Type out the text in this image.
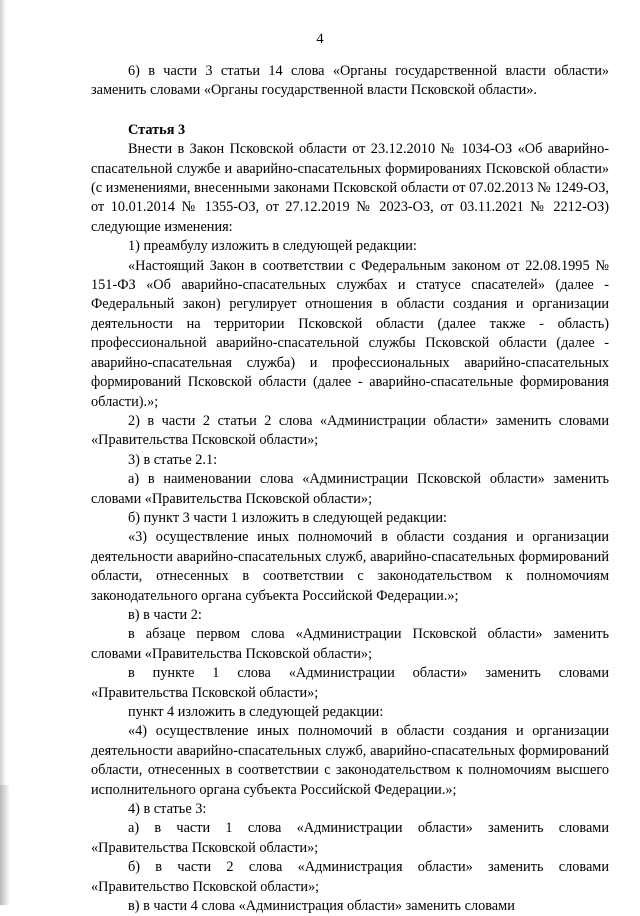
4

6) в части 3 статьи 14 слова «Органы государственной власти области» заменить словами «Органы государственной власти Псковской области».

Статья 3

Внести в Закон Псковской области от 23.12.2010 № 1034-ОЗ «Об аварийно-спасательной службе и аварийно-спасательных формированиях Псковской области» (с изменениями, внесенными законами Псковской области от 07.02.2013 № 1249-ОЗ, от 10.01.2014 № 1355-ОЗ, от 27.12.2019 № 2023-ОЗ, от 03.11.2021 № 2212-ОЗ) следующие изменения:

1) преамбулу изложить в следующей редакции:

«Настоящий Закон в соответствии с Федеральным законом от 22.08.1995 № 151-ФЗ «Об аварийно-спасательных службах и статусе спасателей» (далее - Федеральный закон) регулирует отношения в области создания и организации деятельности на территории Псковской области (далее также - область) профессиональной аварийно-спасательной службы Псковской области (далее - аварийно-спасательная служба) и профессиональных аварийно-спасательных формирований Псковской области (далее - аварийно-спасательные формирования области).»;

2) в части 2 статьи 2 слова «Администрации области» заменить словами «Правительства Псковской области»;

3) в статье 2.1:

а) в наименовании слова «Администрации Псковской области» заменить словами «Правительства Псковской области»;

б) пункт 3 части 1 изложить в следующей редакции:

«3) осуществление иных полномочий в области создания и организации деятельности аварийно-спасательных служб, аварийно-спасательных формирований области, отнесенных в соответствии с законодательством к полномочиям законодательного органа субъекта Российской Федерации.»;

в) в части 2:

в абзаце первом слова «Администрации Псковской области» заменить словами «Правительства Псковской области»;

в пункте 1 слова «Администрации области» заменить словами «Правительства Псковской области»;

пункт 4 изложить в следующей редакции:

«4) осуществление иных полномочий в области создания и организации деятельности аварийно-спасательных служб, аварийно-спасательных формирований области, отнесенных в соответствии с законодательством к полномочиям высшего исполнительного органа субъекта Российской Федерации.»;

4) в статье 3:

а) в части 1 слова «Администрации области» заменить словами «Правительства Псковской области»;

б) в части 2 слова «Администрация области» заменить словами «Правительство Псковской области»;

в) в части 4 слова «Администрация области» заменить словами
